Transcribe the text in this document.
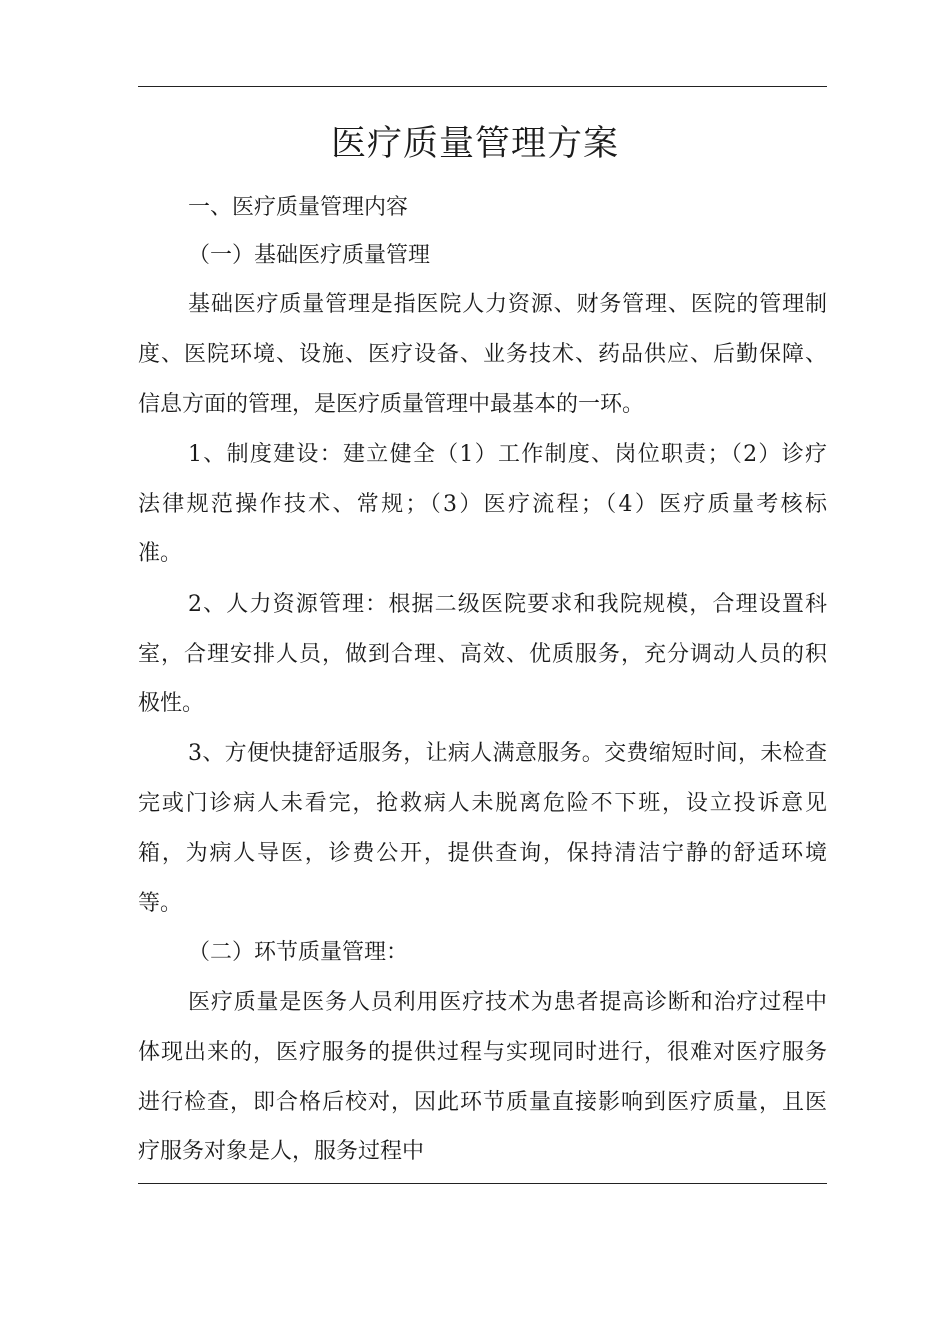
医疗质量管理方案
一、医疗质量管理内容
（一）基础医疗质量管理
基础医疗质量管理是指医院人力资源、财务管理、医院的管理制
度、医院环境、设施、医疗设备、业务技术、药品供应、后勤保障、
信息方面的管理，是医疗质量管理中最基本的一环。
1、制度建设：建立健全（1）工作制度、岗位职责；（2）诊疗
法律规范操作技术、常规；（3）医疗流程；（4）医疗质量考核标
准。
2、人力资源管理：根据二级医院要求和我院规模，合理设置科
室，合理安排人员，做到合理、高效、优质服务，充分调动人员的积
极性。
3、方便快捷舒适服务，让病人满意服务。交费缩短时间，未检查
完或门诊病人未看完，抢救病人未脱离危险不下班，设立投诉意见
箱，为病人导医，诊费公开，提供查询，保持清洁宁静的舒适环境
等。
（二）环节质量管理：
医疗质量是医务人员利用医疗技术为患者提高诊断和治疗过程中
体现出来的，医疗服务的提供过程与实现同时进行，很难对医疗服务
进行检查，即合格后校对，因此环节质量直接影响到医疗质量，且医
疗服务对象是人，服务过程中
